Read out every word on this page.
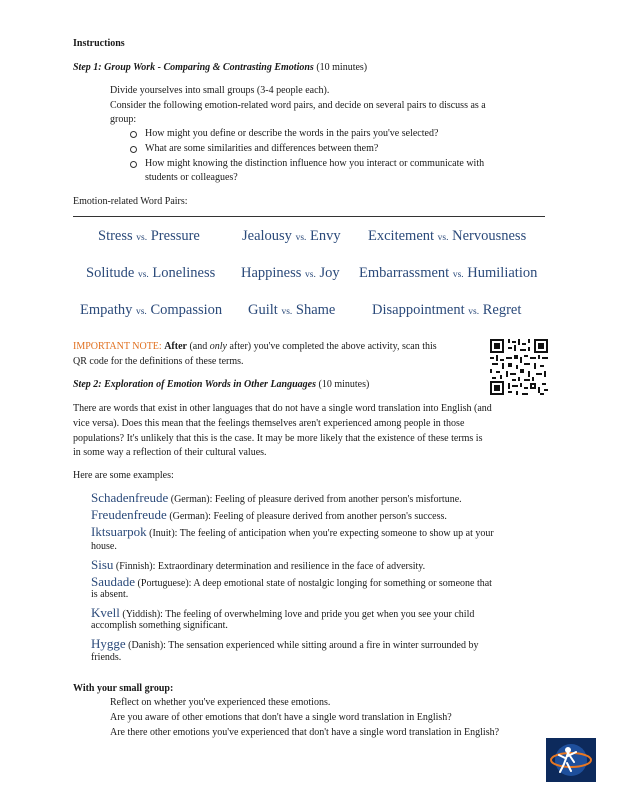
Instructions
Step 1: Group Work - Comparing & Contrasting Emotions (10 minutes)
Divide yourselves into small groups (3-4 people each).
Consider the following emotion-related word pairs, and decide on several pairs to discuss as a
group:
How might you define or describe the words in the pairs you've selected?
What are some similarities and differences between them?
How might knowing the distinction influence how you interact or communicate with
students or colleagues?
Emotion-related Word Pairs:
Stress vs. Pressure	Jealousy vs. Envy Excitement vs. Nervousness
Solitude vs. Loneliness Happiness vs. Joy Embarrassment vs. Humiliation
Empathy vs. Compassion Guilt vs. Shame	Disappointment vs. Regret
IMPORTANT NOTE: After (and only after) you've completed the above activity, scan this
QR code for the definitions of these terms.
Step 2: Exploration of Emotion Words in Other Languages (10 minutes)
There are words that exist in other languages that do not have a single word translation into English (and
vice versa). Does this mean that the feelings themselves aren't experienced among people in those
populations? It's unlikely that this is the case. It may be more likely that the existence of these terms is
in some way a reflection of their cultural values.
Here are some examples:
Schadenfreude (German): Feeling of pleasure derived from another person's misfortune.
Freudenfreude (German): Feeling of pleasure derived from another person's success.
Iktsuarpok (Inuit): The feeling of anticipation when you're expecting someone to show up at your
house.
Sisu (Finnish): Extraordinary determination and resilience in the face of adversity.
Saudade (Portuguese): A deep emotional state of nostalgic longing for something or someone that
is absent.
Kvell (Yiddish): The feeling of overwhelming love and pride you get when you see your child
accomplish something significant.
Hygge (Danish): The sensation experienced while sitting around a fire in winter surrounded by
friends.
With your small group:
Reflect on whether you've experienced these emotions.
Are you aware of other emotions that don't have a single word translation in English?
Are there other emotions you've experienced that don't have a single word translation in English?
